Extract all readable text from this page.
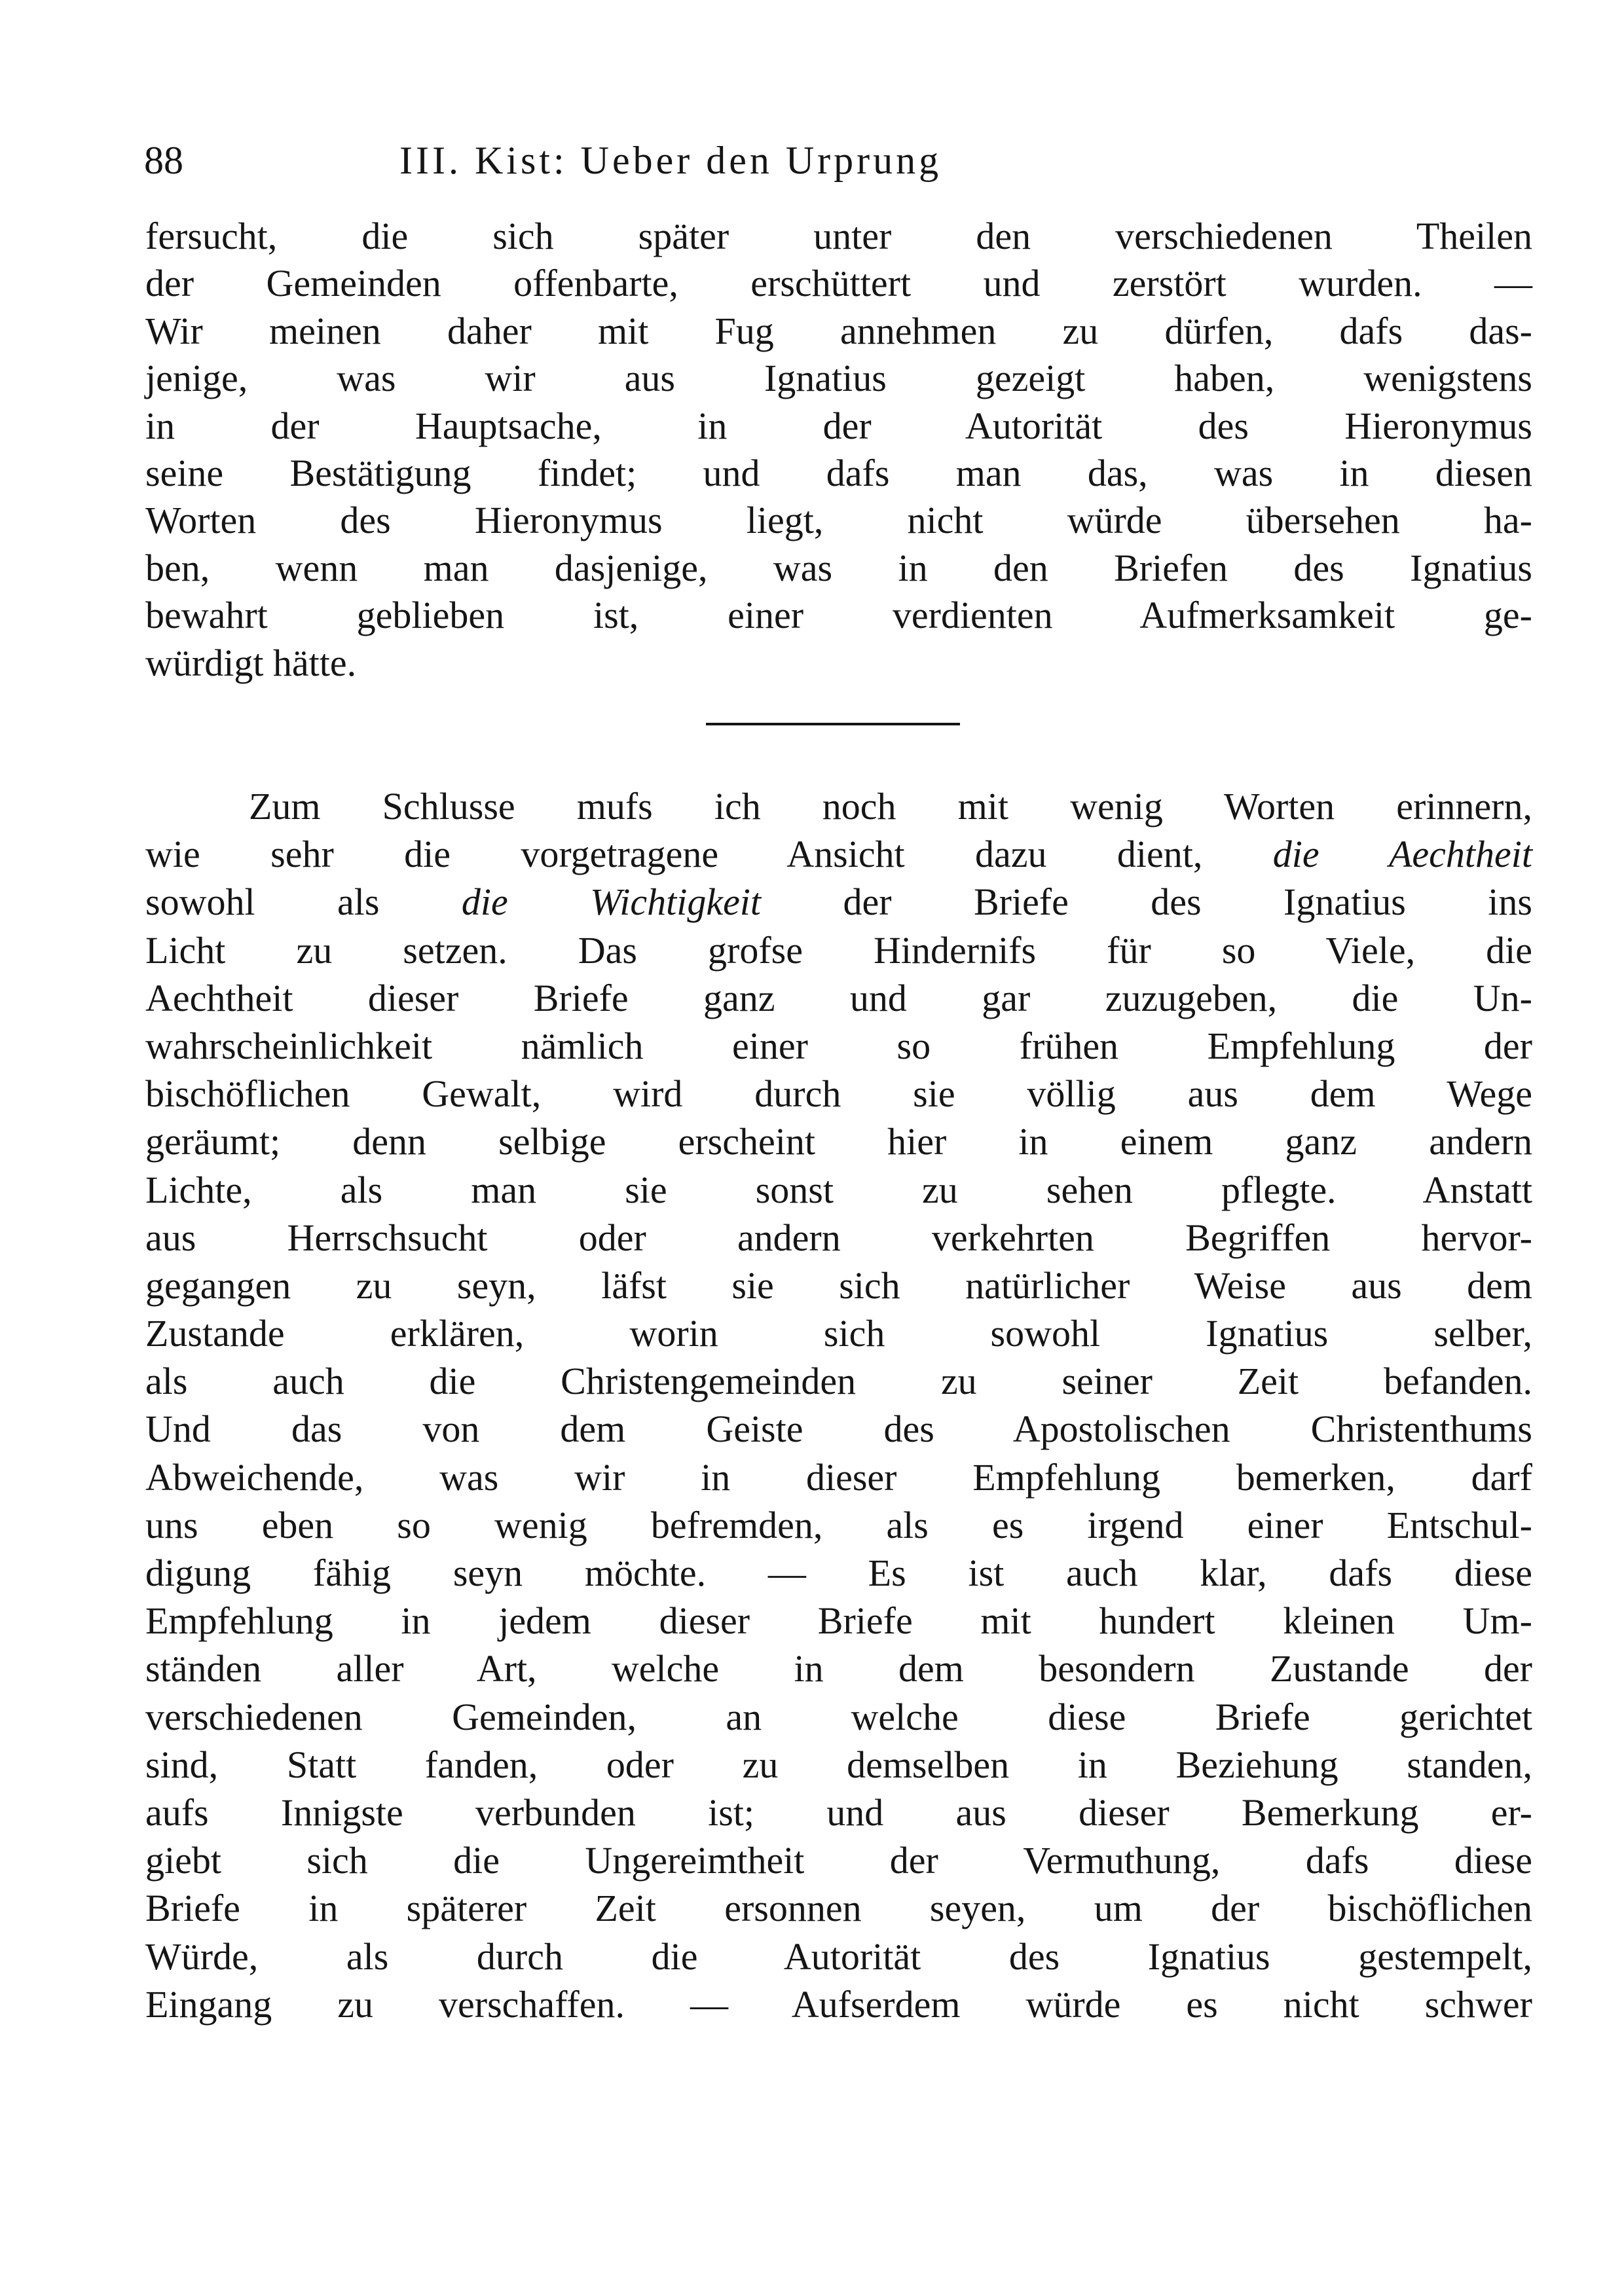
88	III. Kist: Ueber den Urprung
fersucht, die sich später unter den verschiedenen Theilen
der Gemeinden offenbarte, erschüttert und zerstört wurden. —
Wir meinen daher mit Fug annehmen zu dürfen, dafs das-
jenige, was wir aus Ignatius gezeigt haben, wenigstens
in der Hauptsache, in der Autorität des Hieronymus
seine Bestätigung findet; und dafs man das, was in diesen
Worten des Hieronymus liegt, nicht würde übersehen ha-
ben, wenn man dasjenige, was in den Briefen des Ignatius
bewahrt geblieben ist, einer verdienten Aufmerksamkeit ge-
würdigt hätte.
Zum Schlusse mufs ich noch mit wenig Worten erinnern,
wie sehr die vorgetragene Ansicht dazu dient, die Aechtheit
sowohl als die Wichtigkeit der Briefe des Ignatius ins
Licht zu setzen. Das grofse Hindernifs für so Viele, die
Aechtheit dieser Briefe ganz und gar zuzugeben, die Un-
wahrscheinlichkeit nämlich einer so frühen Empfehlung der
bischöflichen Gewalt, wird durch sie völlig aus dem Wege
geräumt; denn selbige erscheint hier in einem ganz andern
Lichte, als man sie sonst zu sehen pflegte. Anstatt
aus Herrschsucht oder andern verkehrten Begriffen hervor-
gegangen zu seyn, läfst sie sich natürlicher Weise aus dem
Zustande erklären, worin sich sowohl Ignatius selber,
als auch die Christengemeinden zu seiner Zeit befanden.
Und das von dem Geiste des Apostolischen Christenthums
Abweichende, was wir in dieser Empfehlung bemerken, darf
uns eben so wenig befremden, als es irgend einer Entschul-
digung fähig seyn möchte. — Es ist auch klar, dafs diese
Empfehlung in jedem dieser Briefe mit hundert kleinen Um-
ständen aller Art, welche in dem besondern Zustande der
verschiedenen Gemeinden, an welche diese Briefe gerichtet
sind, Statt fanden, oder zu demselben in Beziehung standen,
aufs Innigste verbunden ist; und aus dieser Bemerkung er-
giebt sich die Ungereimtheit der Vermuthung, dafs diese
Briefe in späterer Zeit ersonnen seyen, um der bischöflichen
Würde, als durch die Autorität des Ignatius gestempelt,
Eingang zu verschaffen. — Aufserdem würde es nicht schwer
